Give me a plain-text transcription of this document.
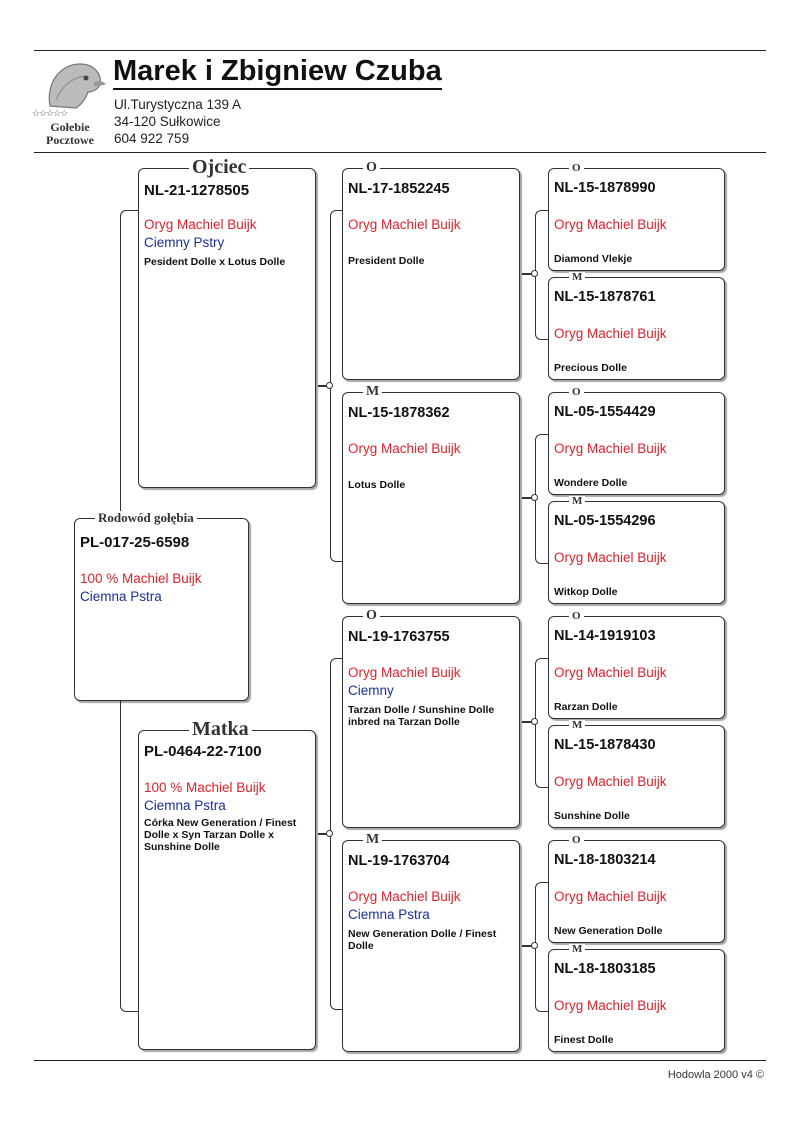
☆☆☆☆☆
Gołebie
Pocztowe
Marek i Zbigniew Czuba
Ul.Turystyczna 139 A
34-120 Sułkowice
604 922 759
Rodowód gołębia
PL-017-25-6598
100 % Machiel Buijk
Ciemna Pstra
Ojciec
NL-21-1278505
Oryg Machiel Buijk
Ciemny Pstry
Pesident Dolle x Lotus Dolle
Matka
PL-0464-22-7100
100 % Machiel Buijk
Ciemna Pstra
Córka New Generation / Finest Dolle x Syn Tarzan Dolle x Sunshine Dolle
O
NL-17-1852245
Oryg Machiel Buijk
President Dolle
M
NL-15-1878362
Oryg Machiel Buijk
Lotus Dolle
O
NL-19-1763755
Oryg Machiel Buijk
Ciemny
Tarzan Dolle / Sunshine Dolle
inbred na Tarzan Dolle
M
NL-19-1763704
Oryg Machiel Buijk
Ciemna Pstra
New Generation Dolle / Finest
Dolle
O
NL-15-1878990
Oryg Machiel Buijk
Diamond Vlekje
M
NL-15-1878761
Oryg Machiel Buijk
Precious Dolle
O
NL-05-1554429
Oryg Machiel Buijk
Wondere Dolle
M
NL-05-1554296
Oryg Machiel Buijk
Witkop Dolle
O
NL-14-1919103
Oryg Machiel Buijk
Rarzan Dolle
M
NL-15-1878430
Oryg Machiel Buijk
Sunshine Dolle
O
NL-18-1803214
Oryg Machiel Buijk
New Generation Dolle
M
NL-18-1803185
Oryg Machiel Buijk
Finest Dolle
Hodowla 2000 v4 ©
